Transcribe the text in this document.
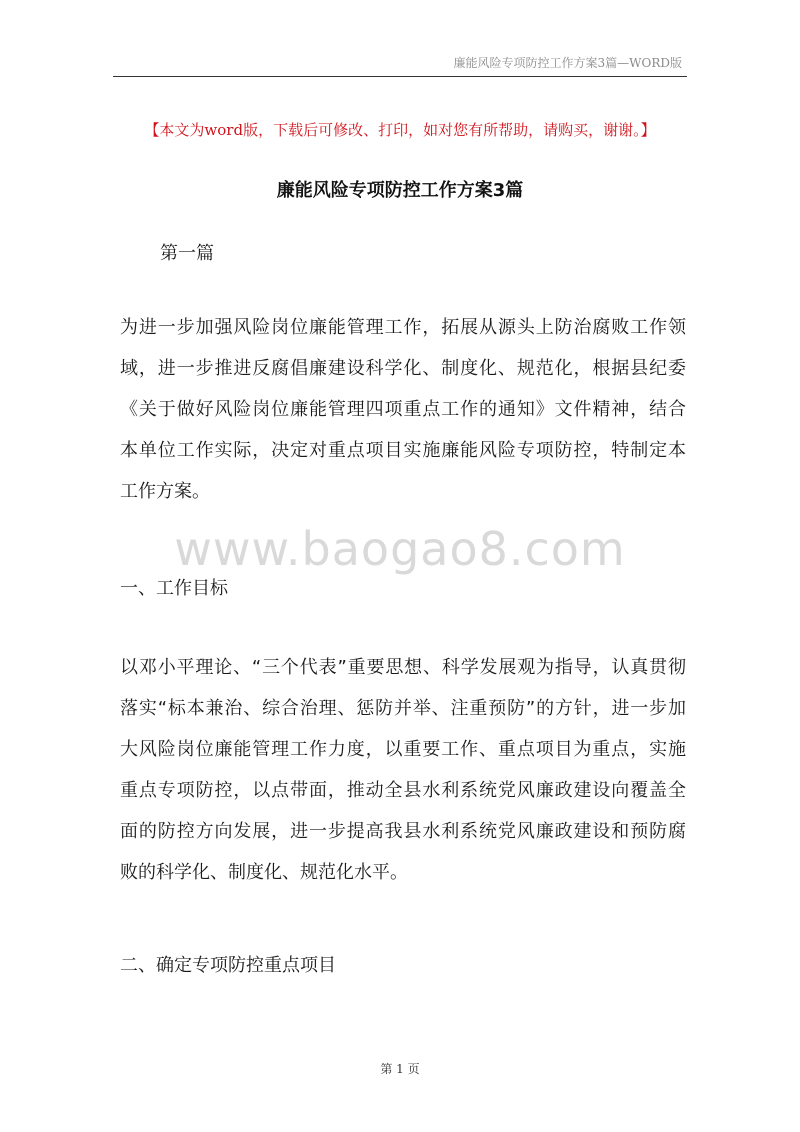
廉能风险专项防控工作方案3篇—WORD版
【本文为word版，下载后可修改、打印，如对您有所帮助，请购买，谢谢。】
廉能风险专项防控工作方案3篇
第一篇
为进一步加强风险岗位廉能管理工作，拓展从源头上防治腐败工作领
域，进一步推进反腐倡廉建设科学化、制度化、规范化，根据县纪委
《关于做好风险岗位廉能管理四项重点工作的通知》文件精神，结合
本单位工作实际，决定对重点项目实施廉能风险专项防控，特制定本
工作方案。
www.baogao8.com
一、工作目标
以邓小平理论、“三个代表”重要思想、科学发展观为指导，认真贯彻
落实“标本兼治、综合治理、惩防并举、注重预防”的方针，进一步加
大风险岗位廉能管理工作力度，以重要工作、重点项目为重点，实施
重点专项防控，以点带面，推动全县水利系统党风廉政建设向覆盖全
面的防控方向发展，进一步提高我县水利系统党风廉政建设和预防腐
败的科学化、制度化、规范化水平。
二、确定专项防控重点项目
第 1 页
